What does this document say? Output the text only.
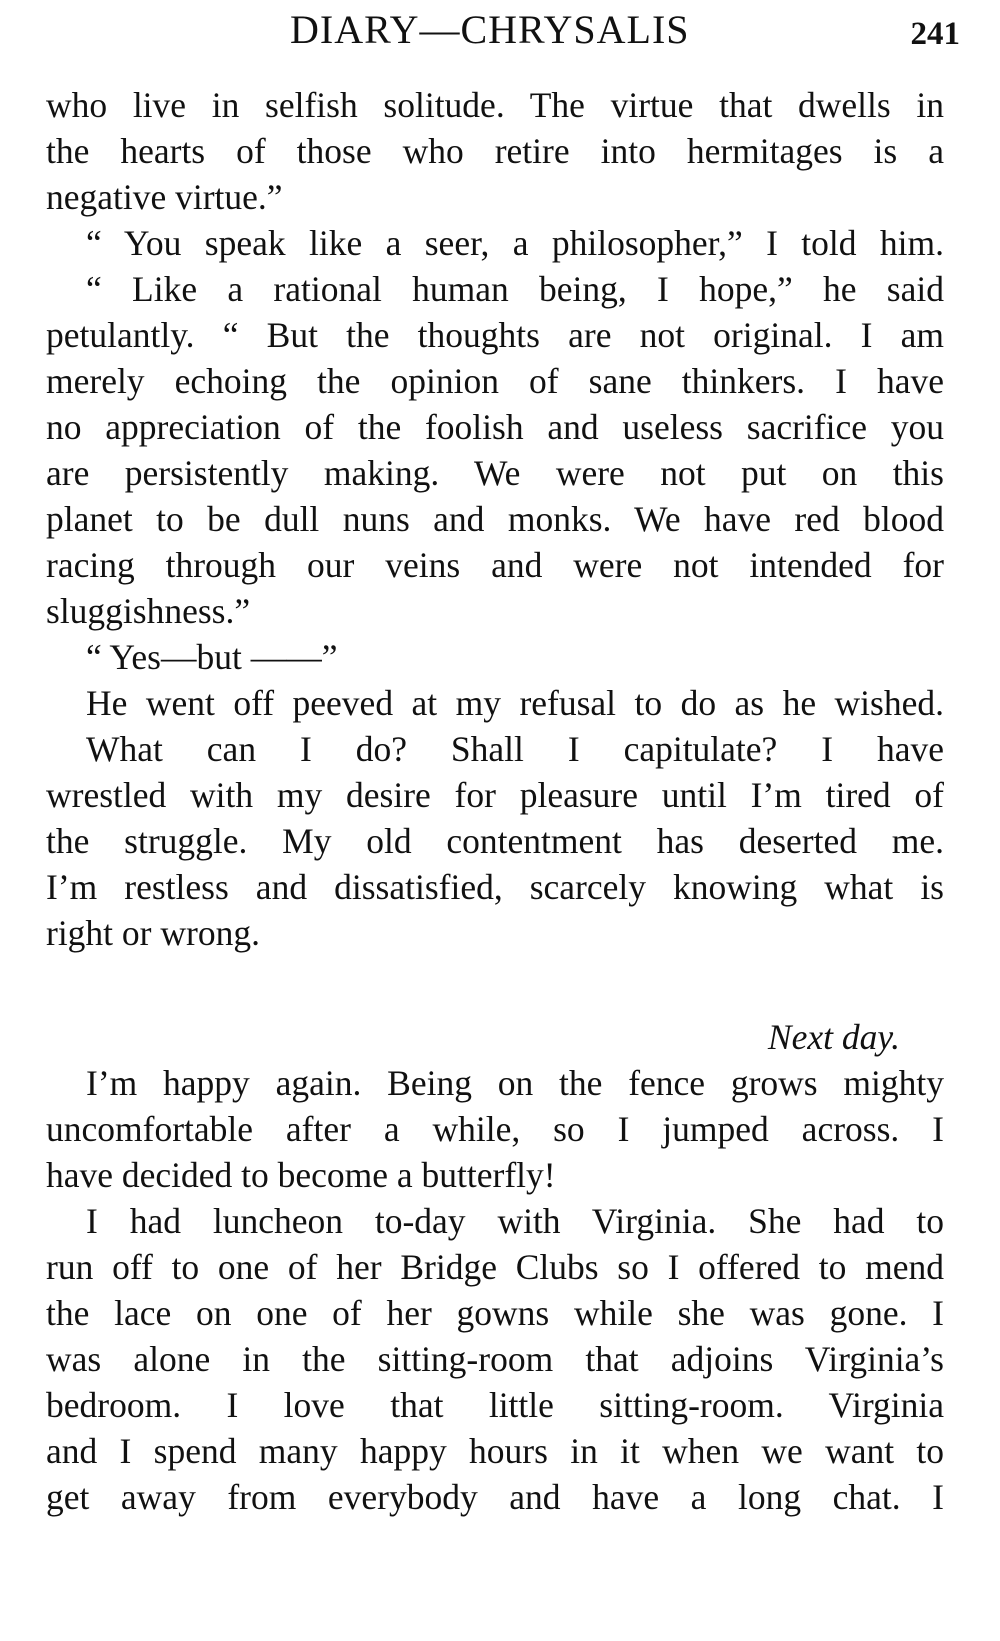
DIARY—CHRYSALIS	241
who live in selfish solitude. The virtue that dwells in
the hearts of those who retire into hermitages is a
negative virtue.”
“ You speak like a seer, a philosopher,” I told him.
“ Like a rational human being, I hope,” he said
petulantly. “ But the thoughts are not original. I am
merely echoing the opinion of sane thinkers. I have
no appreciation of the foolish and useless sacrifice you
are persistently making. We were not put on this
planet to be dull nuns and monks. We have red blood
racing through our veins and were not intended for
sluggishness.”
“ Yes—but ——”
He went off peeved at my refusal to do as he wished.
What can I do? Shall I capitulate? I have
wrestled with my desire for pleasure until I’m tired of
the struggle. My old contentment has deserted me.
I’m restless and dissatisfied, scarcely knowing what is
right or wrong.
Next day.
I’m happy again. Being on the fence grows mighty
uncomfortable after a while, so I jumped across. I
have decided to become a butterfly!
I had luncheon to-day with Virginia. She had to
run off to one of her Bridge Clubs so I offered to mend
the lace on one of her gowns while she was gone. I
was alone in the sitting-room that adjoins Virginia’s
bedroom. I love that little sitting-room. Virginia
and I spend many happy hours in it when we want to
get away from everybody and have a long chat. I
